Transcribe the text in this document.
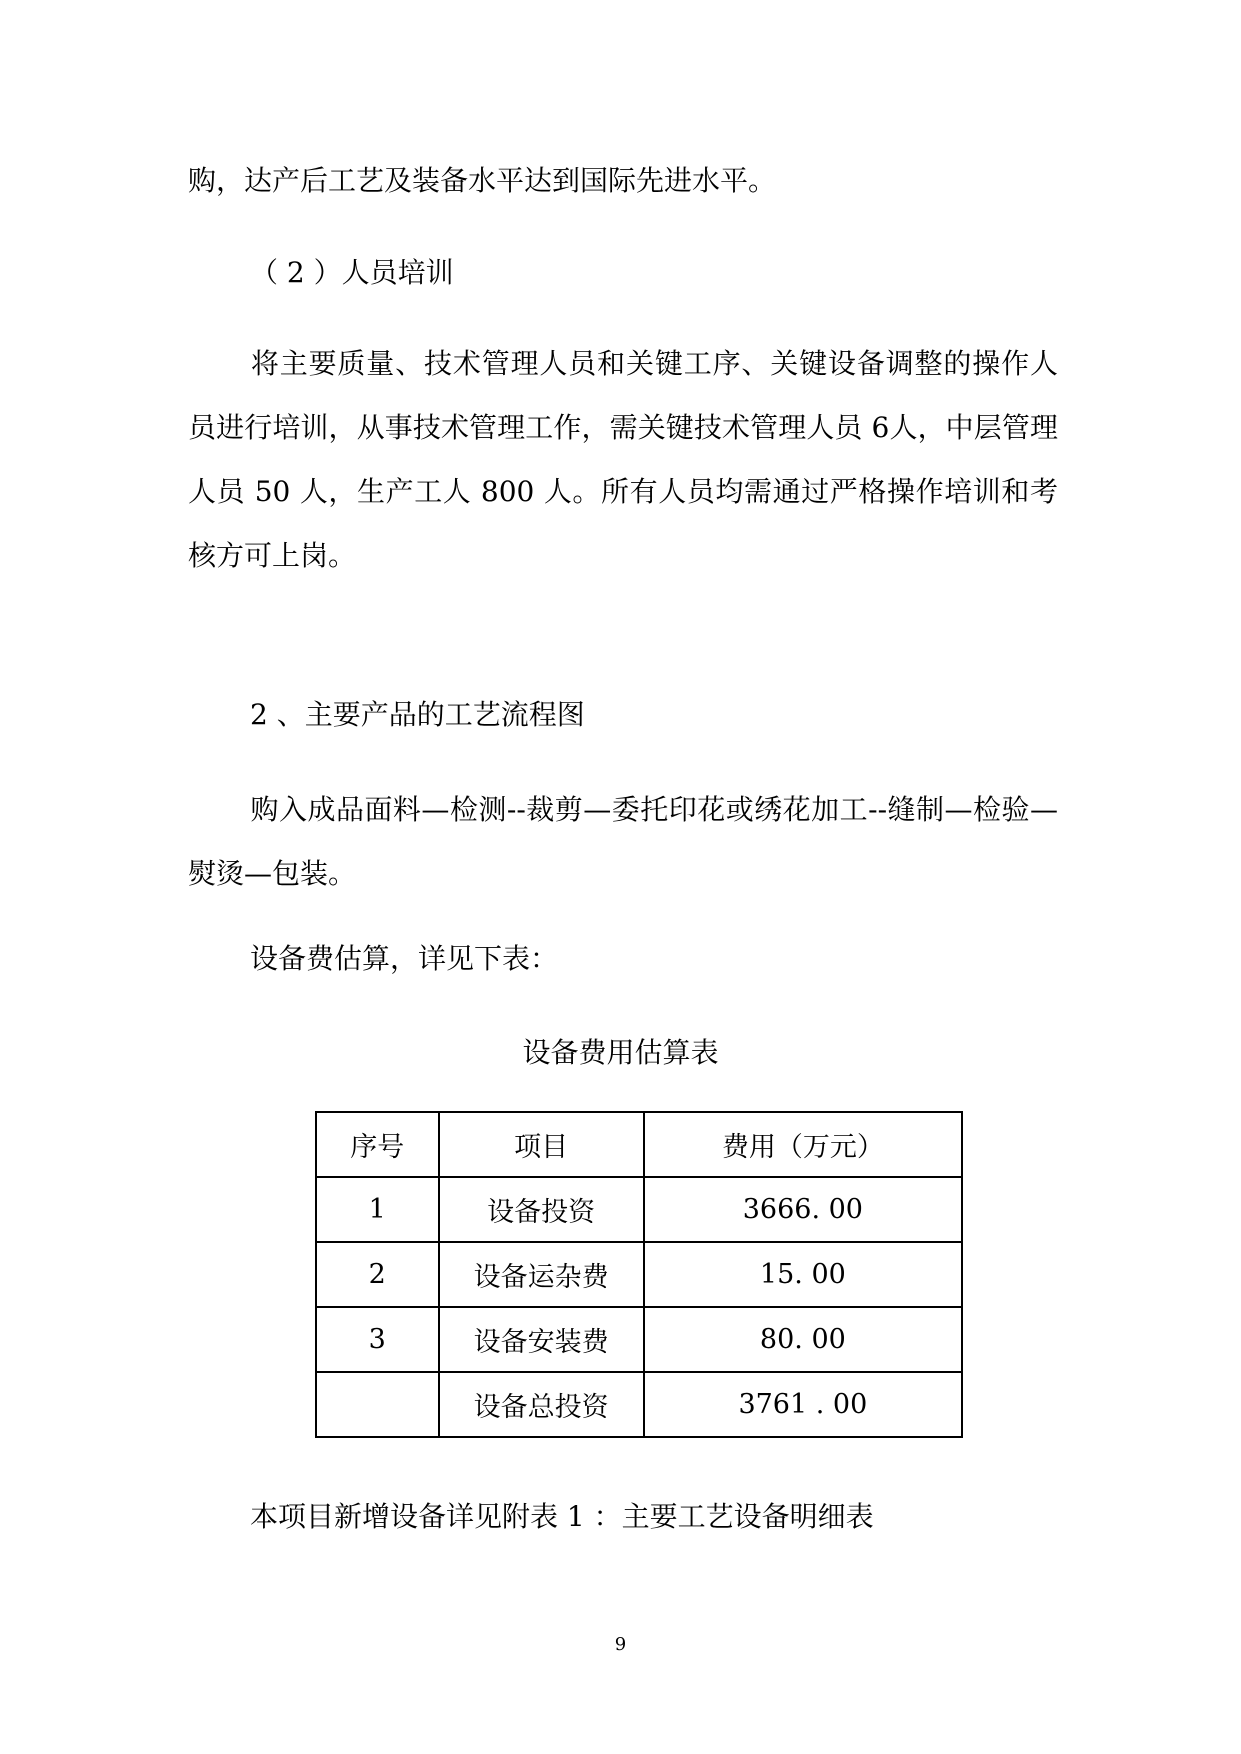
购，达产后工艺及装备水平达到国际先进水平。
（ 2 ）人员培训
将主要质量、技术管理人员和关键工序、关键设备调整的操作人员进行培训，从事技术管理工作，需关键技术管理人员 6人，中层管理人员 50 人，生产工人 800 人。所有人员均需通过严格操作培训和考核方可上岗。
2 、主要产品的工艺流程图
购入成品面料—检测--裁剪—委托印花或绣花加工--缝制—检验—熨烫—包装。
设备费估算，详见下表：
设备费用估算表
序号	项目	费用（万元）
1	设备投资	3666. 00
2	设备运杂费	15. 00
3	设备安装费	80. 00
	设备总投资	3761 . 00
本项目新增设备详见附表 1 ：主要工艺设备明细表
9
